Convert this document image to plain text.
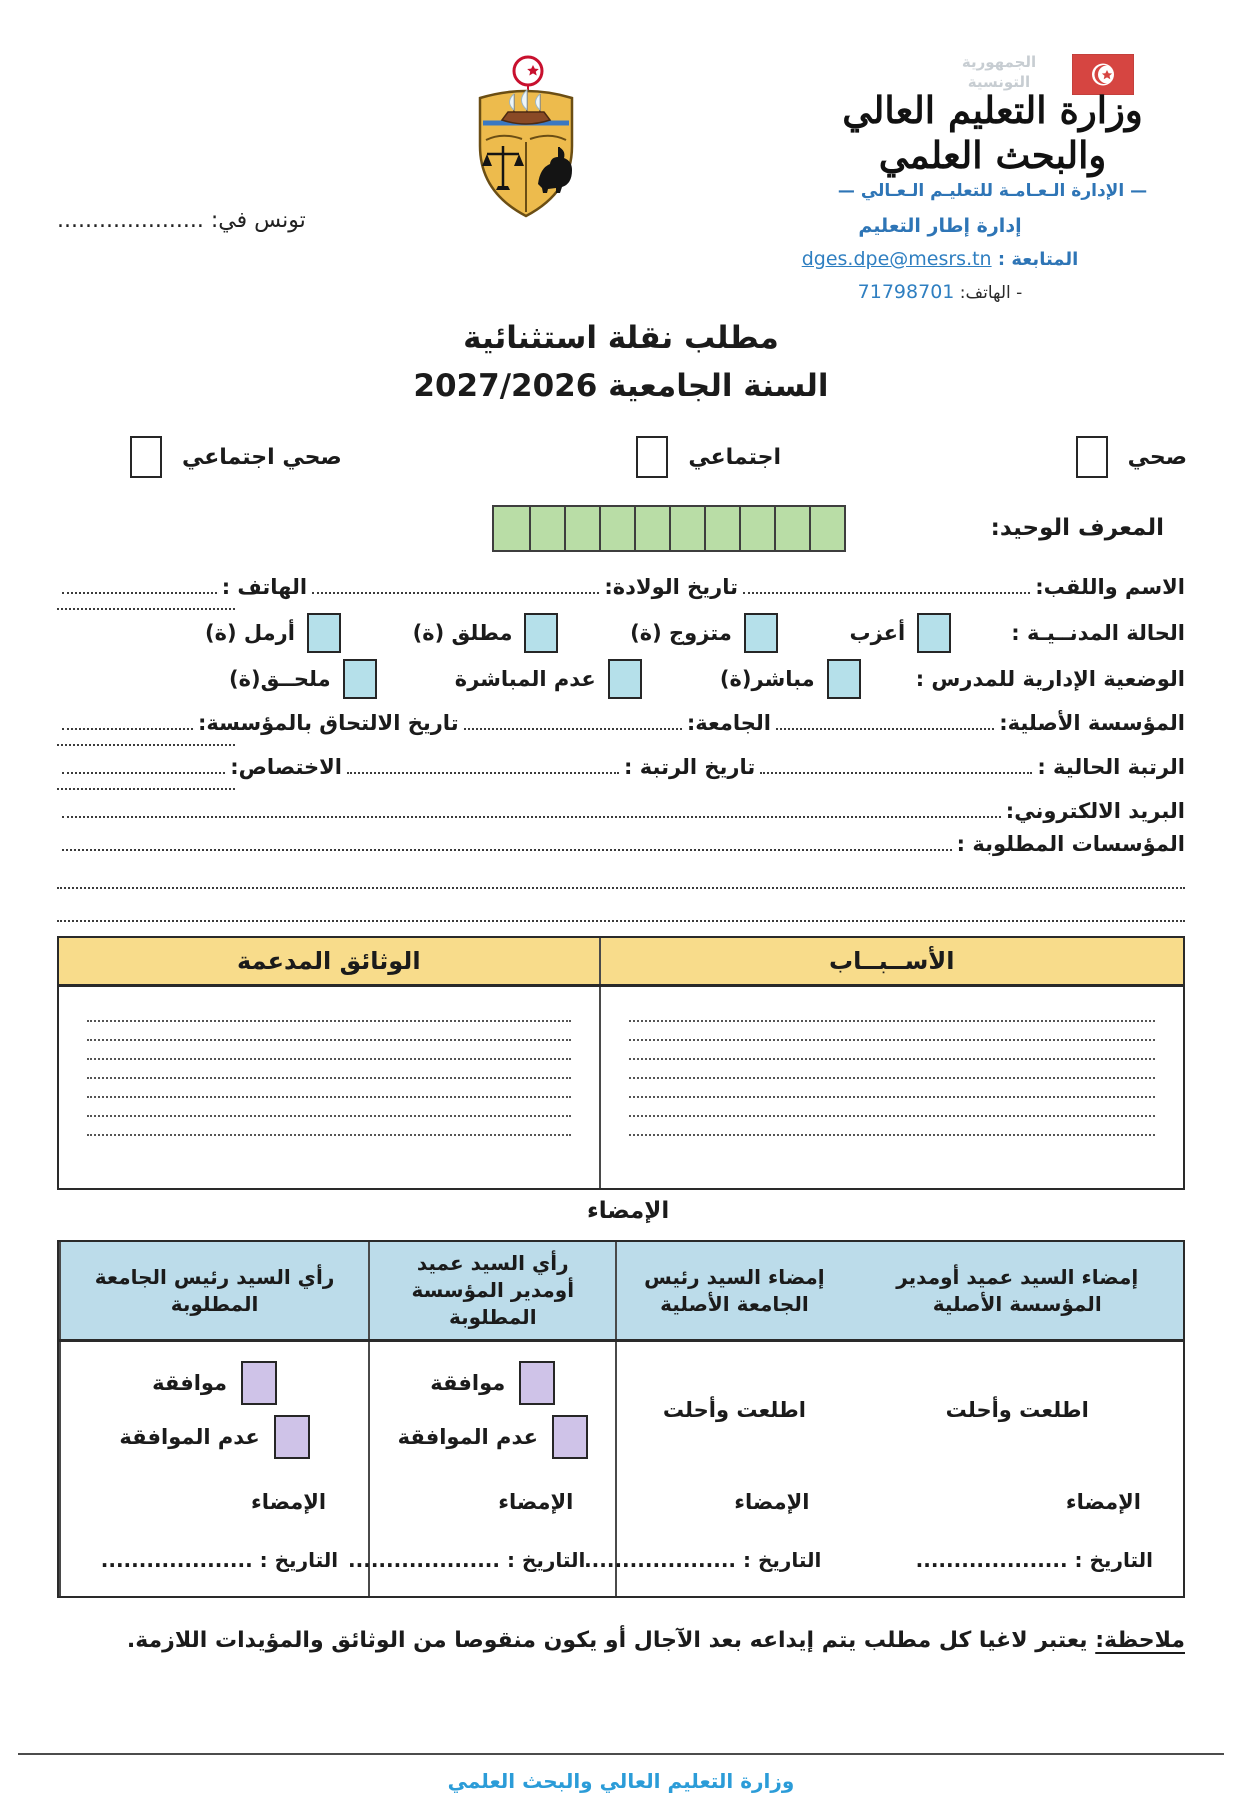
الجمهورية
التونسية
وزارة التعليم العالي
والبحث العلمي
— الإدارة الـعـامـة للتعليـم الـعـالي —
إدارة إطار التعليم
المتابعة : dges.dpe@mesrs.tn
- الهاتف: 71798701
تونس في: .....................
مطلب نقلة استثنائية
السنة الجامعية 2027/2026
صحي
اجتماعي
صحي اجتماعي
المعرف الوحيد:
الاسم واللقب:
تاريخ الولادة:
الهاتف :
الحالة المدنــيـة :
أعزب
متزوج (ة)
مطلق (ة)
أرمل (ة)
الوضعية الإدارية للمدرس :
مباشر(ة)
عدم المباشرة
ملحــق(ة)
المؤسسة الأصلية:
الجامعة:
تاريخ الالتحاق بالمؤسسة:
الرتبة الحالية :
تاريخ الرتبة :
الاختصاص:
البريد الالكتروني:
المؤسسات المطلوبة :
الأســبــاب
الوثائق المدعمة
الإمضاء
إمضاء السيد عميد أومدير المؤسسة الأصلية
إمضاء السيد رئيس الجامعة الأصلية
رأي السيد عميد أومدير المؤسسة المطلوبة
رأي السيد رئيس الجامعة المطلوبة
اطلعت وأحلت
الإمضاء
التاريخ : ....................
اطلعت وأحلت
الإمضاء
التاريخ : ....................
موافقة
عدم الموافقة
الإمضاء
التاريخ : ....................
موافقة
عدم الموافقة
الإمضاء
التاريخ : ....................
ملاحظة: يعتبر لاغيا كل مطلب يتم إيداعه بعد الآجال أو يكون منقوصا من الوثائق والمؤيدات اللازمة.
وزارة التعليم العالي والبحث العلمي
